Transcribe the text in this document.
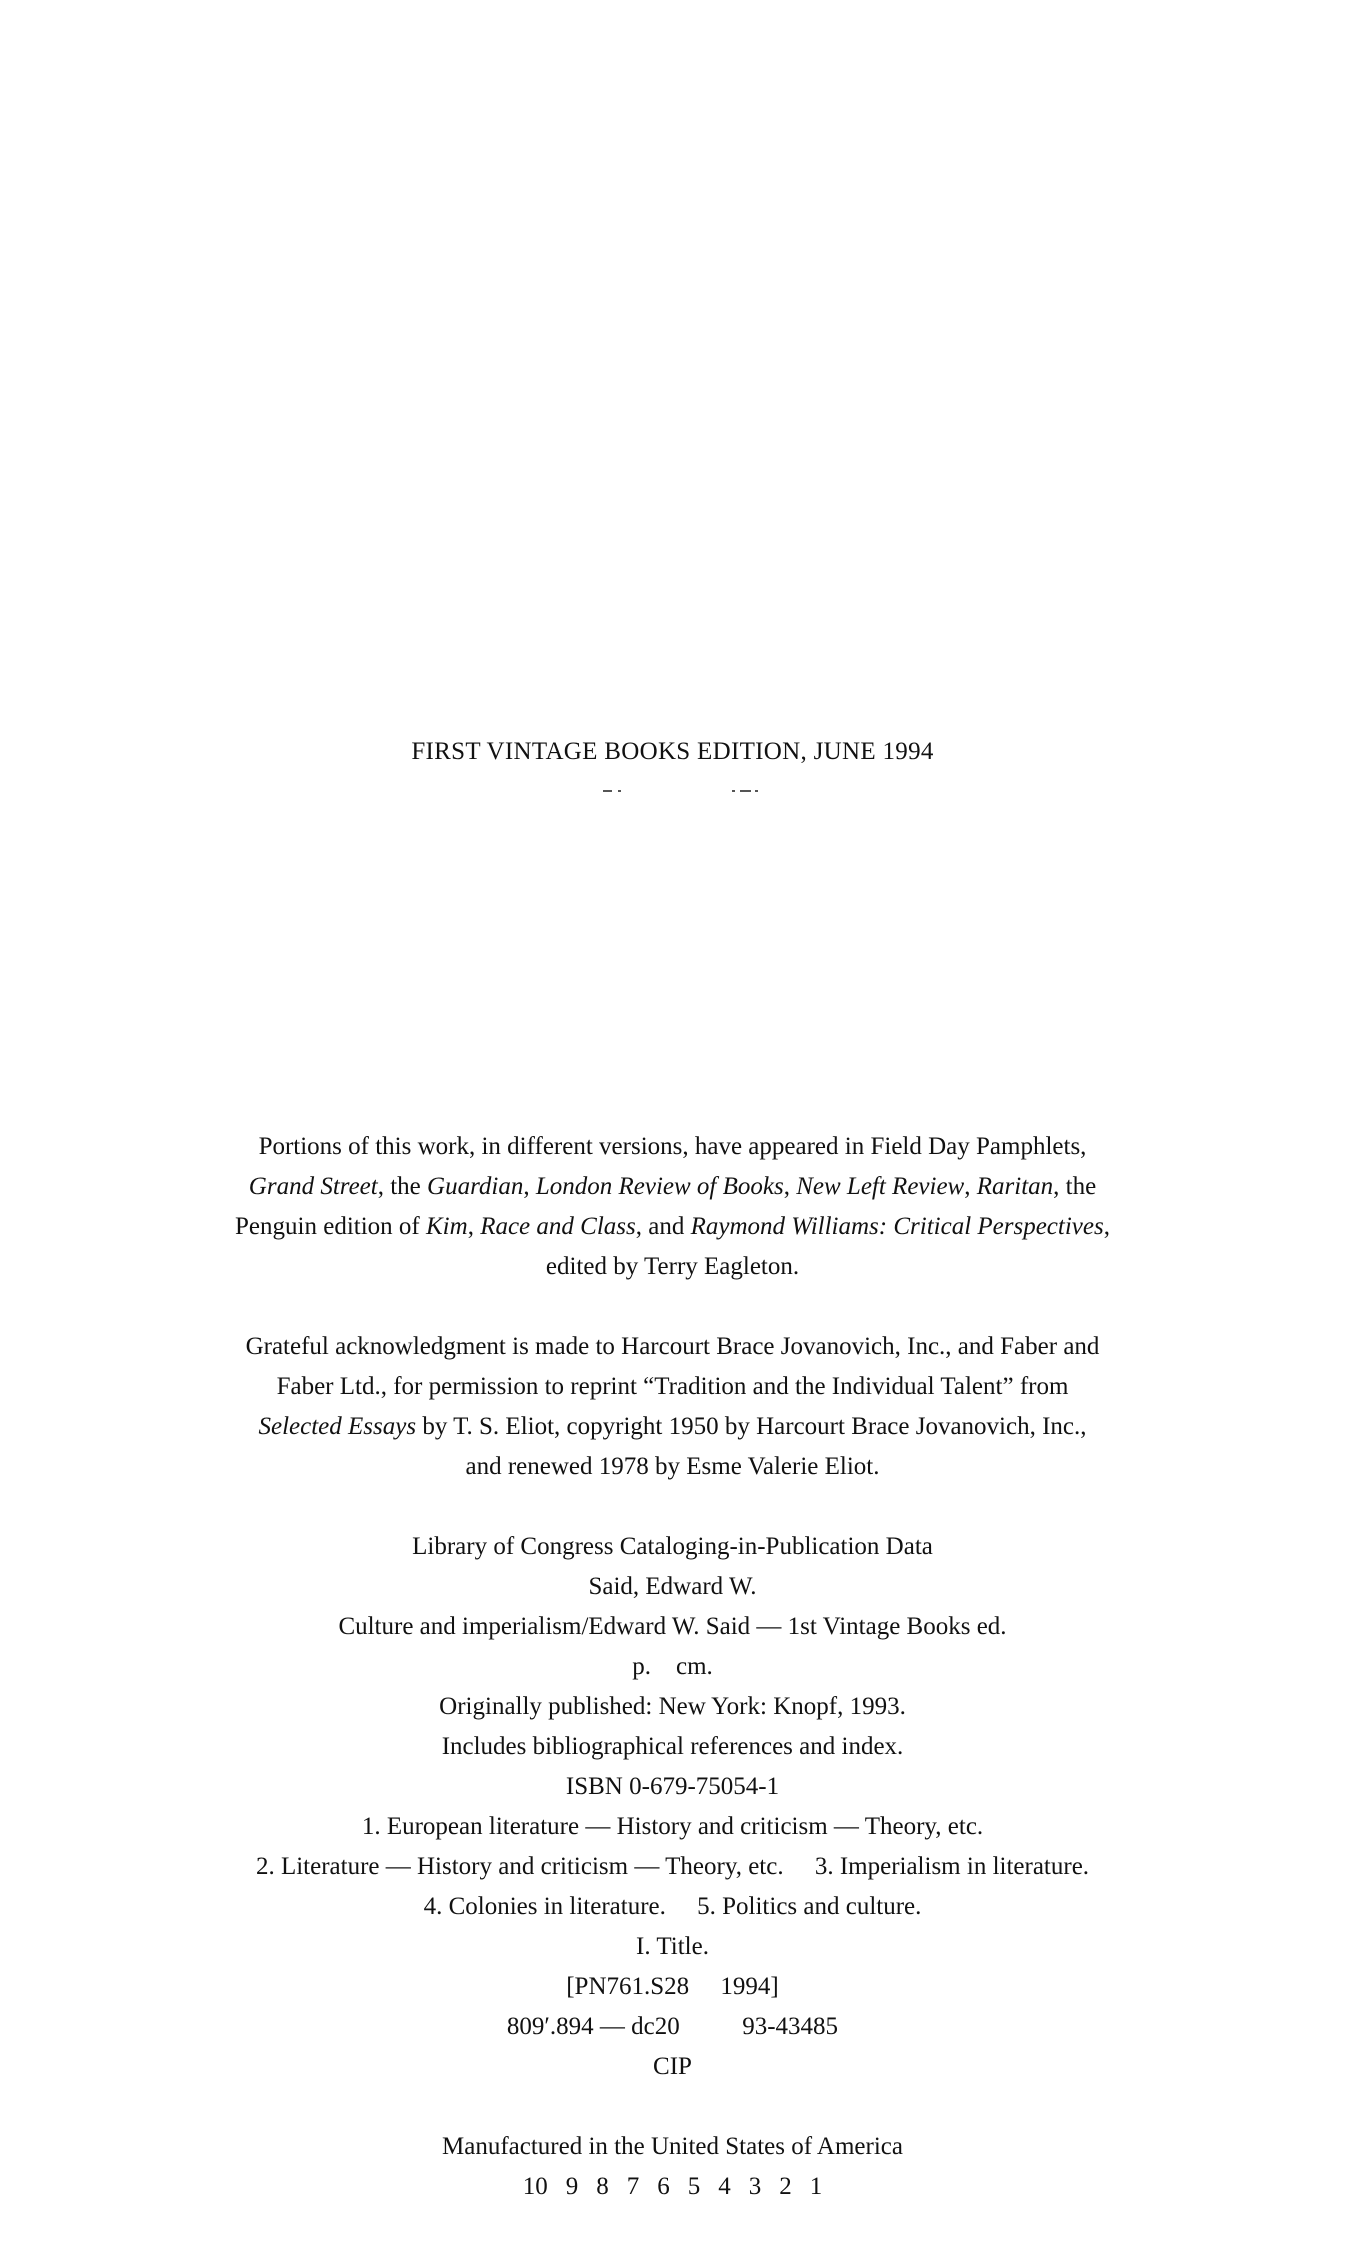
FIRST VINTAGE BOOKS EDITION, JUNE 1994
Portions of this work, in different versions, have appeared in Field Day Pamphlets,
Grand Street, the Guardian, London Review of Books, New Left Review, Raritan, the
Penguin edition of Kim, Race and Class, and Raymond Williams: Critical Perspectives,
edited by Terry Eagleton.
Grateful acknowledgment is made to Harcourt Brace Jovanovich, Inc., and Faber and
Faber Ltd., for permission to reprint “Tradition and the Individual Talent” from
Selected Essays by T. S. Eliot, copyright 1950 by Harcourt Brace Jovanovich, Inc.,
and renewed 1978 by Esme Valerie Eliot.
Library of Congress Cataloging-in-Publication Data
Said, Edward W.
Culture and imperialism/Edward W. Said — 1st Vintage Books ed.
p.    cm.
Originally published: New York: Knopf, 1993.
Includes bibliographical references and index.
ISBN 0-679-75054-1
1. European literature — History and criticism — Theory, etc.
2. Literature — History and criticism — Theory, etc.     3. Imperialism in literature.
4. Colonies in literature.     5. Politics and culture.
I. Title.
[PN761.S28     1994]
809′.894 — dc20          93-43485
CIP
Manufactured in the United States of America
10 9 8 7 6 5 4 3 2 1
